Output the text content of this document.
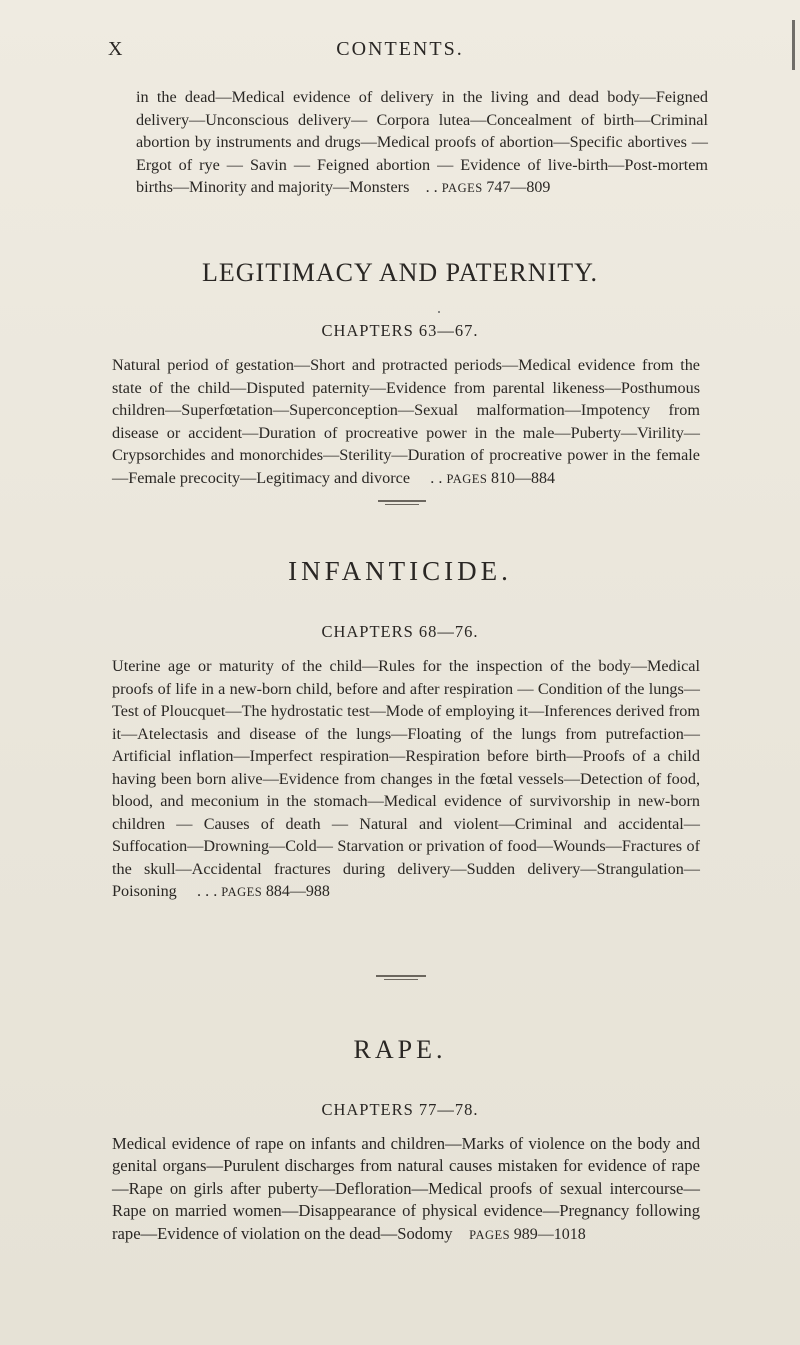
X	CONTENTS.

in the dead—Medical evidence of delivery in the living and dead body—Feigned delivery—Unconscious delivery— Corpora lutea—Concealment of birth—Criminal abortion by instruments and drugs—Medical proofs of abortion—Specific abortives — Ergot of rye — Savin — Feigned abortion — Evidence of live-birth—Post-mortem births—Minority and majority—Monsters . . PAGES 747—809

LEGITIMACY AND PATERNITY.

CHAPTERS 63—67.

Natural period of gestation—Short and protracted periods—Medical evidence from the state of the child—Disputed paternity—Evidence from parental likeness—Posthumous children—Superfœtation—Superconception—Sexual malformation—Impotency from disease or accident—Duration of procreative power in the male—Puberty—Virility—Crypsorchides and monorchides—Sterility—Duration of procreative power in the female—Female precocity—Legitimacy and divorce . . PAGES 810—884

INFANTICIDE.

CHAPTERS 68—76.

Uterine age or maturity of the child—Rules for the inspection of the body—Medical proofs of life in a new-born child, before and after respiration — Condition of the lungs—Test of Ploucquet—The hydrostatic test—Mode of employing it—Inferences derived from it—Atelectasis and disease of the lungs—Floating of the lungs from putrefaction—Artificial inflation—Imperfect respiration—Respiration before birth—Proofs of a child having been born alive—Evidence from changes in the fœtal vessels—Detection of food, blood, and meconium in the stomach—Medical evidence of survivorship in new-born children — Causes of death — Natural and violent—Criminal and accidental—Suffocation—Drowning—Cold— Starvation or privation of food—Wounds—Fractures of the skull—Accidental fractures during delivery—Sudden delivery—Strangulation—Poisoning . . . PAGES 884—988

RAPE.

CHAPTERS 77—78.

Medical evidence of rape on infants and children—Marks of violence on the body and genital organs—Purulent discharges from natural causes mistaken for evidence of rape—Rape on girls after puberty—Defloration—Medical proofs of sexual intercourse—Rape on married women—Disappearance of physical evidence—Pregnancy following rape—Evidence of violation on the dead—Sodomy PAGES 989—1018
